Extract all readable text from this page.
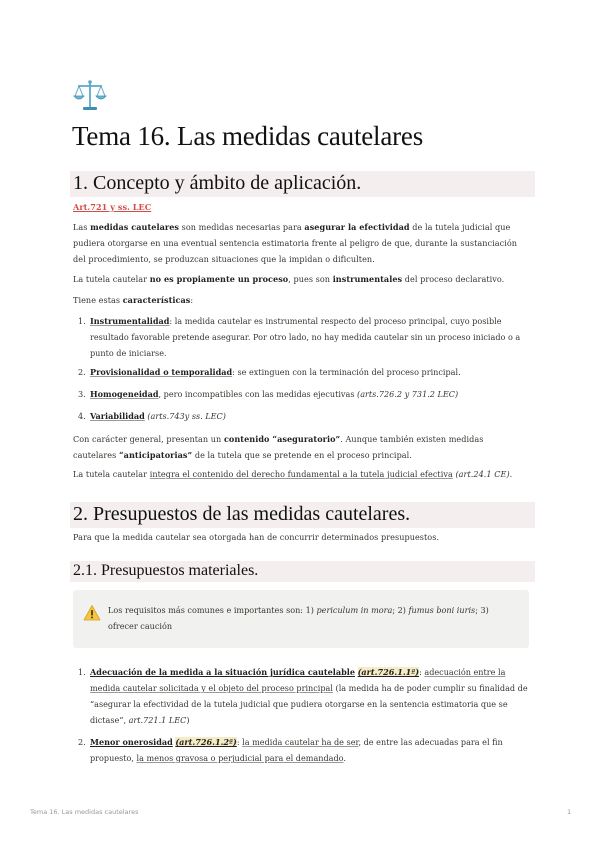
Tema 16. Las medidas cautelares
1. Concepto y ámbito de aplicación.

Art.721 y ss. LEC

Las medidas cautelares son medidas necesarias para asegurar la efectividad de la tutela judicial que pudiera otorgarse en una eventual sentencia estimatoria frente al peligro de que, durante la sustanciación del procedimiento, se produzcan situaciones que la impidan o dificulten.

La tutela cautelar no es propiamente un proceso, pues son instrumentales del proceso declarativo.

Tiene estas características:

1. Instrumentalidad: la medida cautelar es instrumental respecto del proceso principal, cuyo posible resultado favorable pretende asegurar. Por otro lado, no hay medida cautelar sin un proceso iniciado o a punto de iniciarse.
2. Provisionalidad o temporalidad: se extinguen con la terminación del proceso principal.
3. Homogeneidad, pero incompatibles con las medidas ejecutivas (arts.726.2 y 731.2 LEC)
4. Variabilidad (arts.743y ss. LEC)

Con carácter general, presentan un contenido “aseguratorio”. Aunque también existen medidas cautelares “anticipatorias” de la tutela que se pretende en el proceso principal.

La tutela cautelar integra el contenido del derecho fundamental a la tutela judicial efectiva (art.24.1 CE).

2. Presupuestos de las medidas cautelares.

Para que la medida cautelar sea otorgada han de concurrir determinados presupuestos.

2.1. Presupuestos materiales.
Los requisitos más comunes e importantes son: 1) periculum in mora; 2) fumus boni iuris; 3) ofrecer caución
1. Adecuación de la medida a la situación jurídica cautelable (art.726.1.1ª): adecuación entre la medida cautelar solicitada y el objeto del proceso principal (la medida ha de poder cumplir su finalidad de “asegurar la efectividad de la tutela judicial que pudiera otorgarse en la sentencia estimatoria que se dictase”, art.721.1 LEC)
2. Menor onerosidad (art.726.1.2ª): la medida cautelar ha de ser, de entre las adecuadas para el fin propuesto, la menos gravosa o perjudicial para el demandado.
Tema 16. Las medidas cautelares	1
